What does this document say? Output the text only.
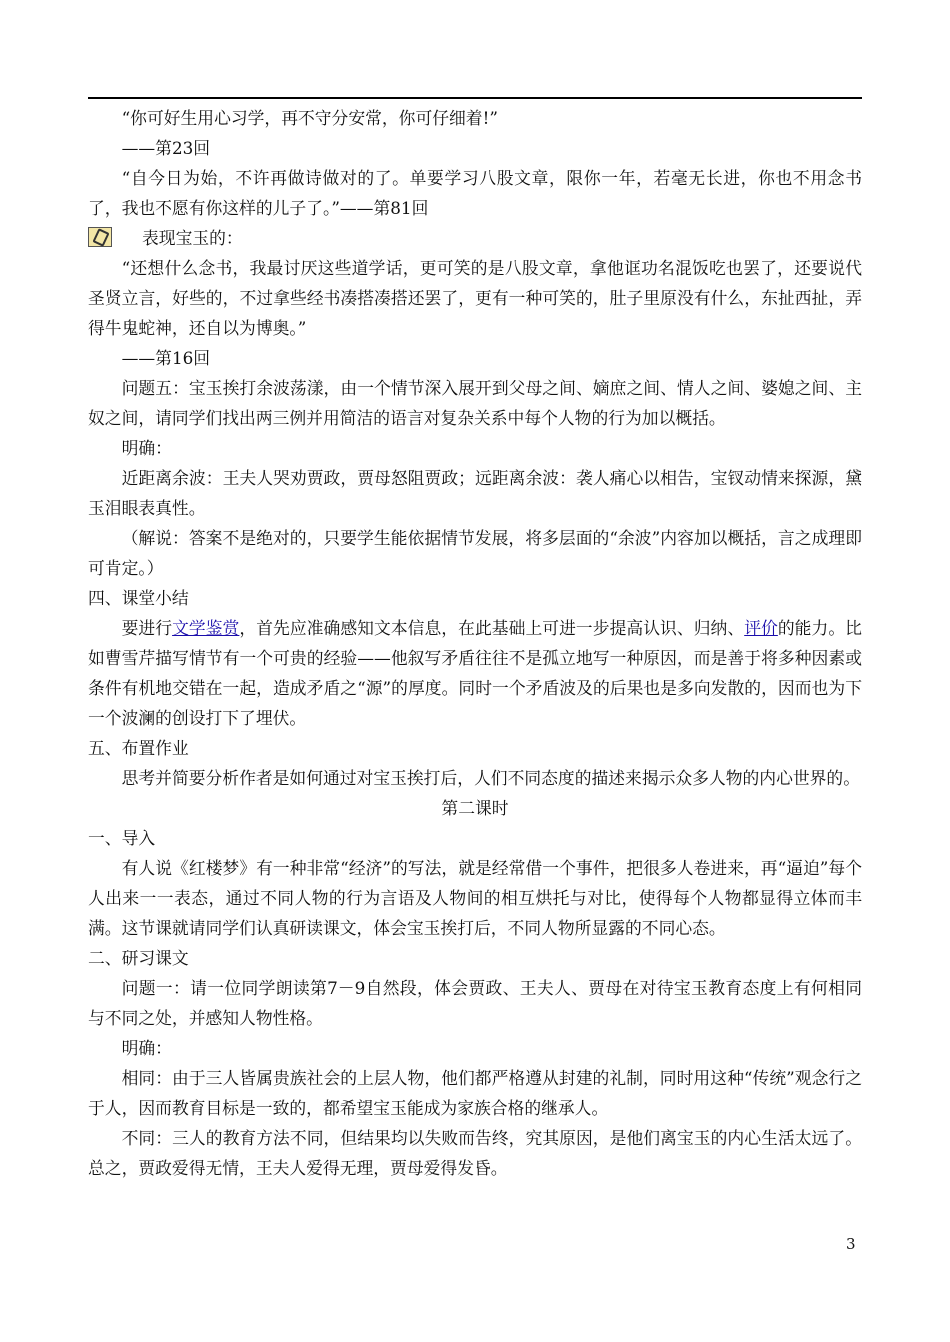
“你可好生用心习学，再不守分安常，你可仔细着!”

——第23回

“自今日为始，不许再做诗做对的了。单要学习八股文章，限你一年，若毫无长进，你也不用念书了，我也不愿有你这样的儿子了。”——第81回

表现宝玉的：

“还想什么念书，我最讨厌这些道学话，更可笑的是八股文章，拿他诓功名混饭吃也罢了，还要说代圣贤立言，好些的，不过拿些经书凑搭凑搭还罢了，更有一种可笑的，肚子里原没有什么，东扯西扯，弄得牛鬼蛇神，还自以为博奥。”

——第16回

问题五：宝玉挨打余波荡漾，由一个情节深入展开到父母之间、嫡庶之间、情人之间、婆媳之间、主奴之间，请同学们找出两三例并用简洁的语言对复杂关系中每个人物的行为加以概括。

明确：

近距离余波：王夫人哭劝贾政，贾母怒阻贾政；远距离余波：袭人痛心以相告，宝钗动情来探源，黛玉泪眼表真性。

（解说：答案不是绝对的，只要学生能依据情节发展，将多层面的“余波”内容加以概括，言之成理即可肯定。）

四、课堂小结

要进行文学鉴赏，首先应准确感知文本信息，在此基础上可进一步提高认识、归纳、评价的能力。比如曹雪芹描写情节有一个可贵的经验——他叙写矛盾往往不是孤立地写一种原因，而是善于将多种因素或条件有机地交错在一起，造成矛盾之“源”的厚度。同时一个矛盾波及的后果也是多向发散的，因而也为下一个波澜的创设打下了埋伏。

五、布置作业

思考并简要分析作者是如何通过对宝玉挨打后，人们不同态度的描述来揭示众多人物的内心世界的。

第二课时

一、导入

有人说《红楼梦》有一种非常“经济”的写法，就是经常借一个事件，把很多人卷进来，再“逼迫”每个人出来一一表态，通过不同人物的行为言语及人物间的相互烘托与对比，使得每个人物都显得立体而丰满。这节课就请同学们认真研读课文，体会宝玉挨打后，不同人物所显露的不同心态。

二、研习课文

问题一：请一位同学朗读第7－9自然段，体会贾政、王夫人、贾母在对待宝玉教育态度上有何相同与不同之处，并感知人物性格。

明确：

相同：由于三人皆属贵族社会的上层人物，他们都严格遵从封建的礼制，同时用这种“传统”观念行之于人，因而教育目标是一致的，都希望宝玉能成为家族合格的继承人。

不同：三人的教育方法不同，但结果均以失败而告终，究其原因，是他们离宝玉的内心生活太远了。总之，贾政爱得无情，王夫人爱得无理，贾母爱得发昏。

3
